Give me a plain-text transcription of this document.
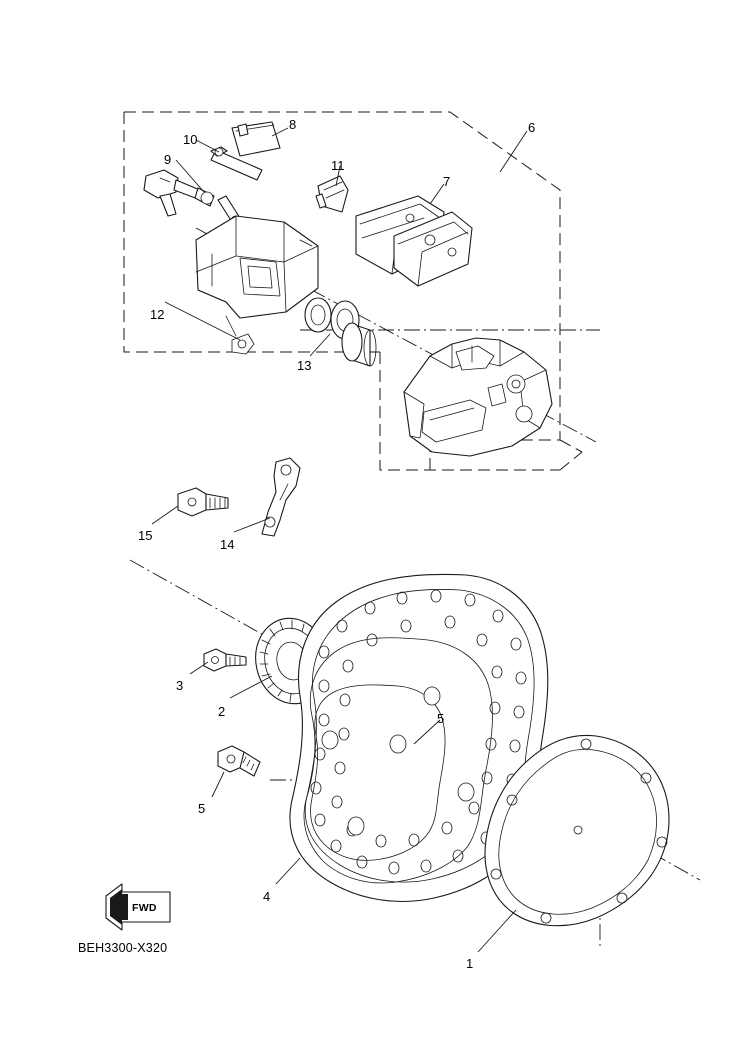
8	6
10
11
9
7
12
13
15
14
3
2	5
5
4
1
FWD
BEH3300-X320
